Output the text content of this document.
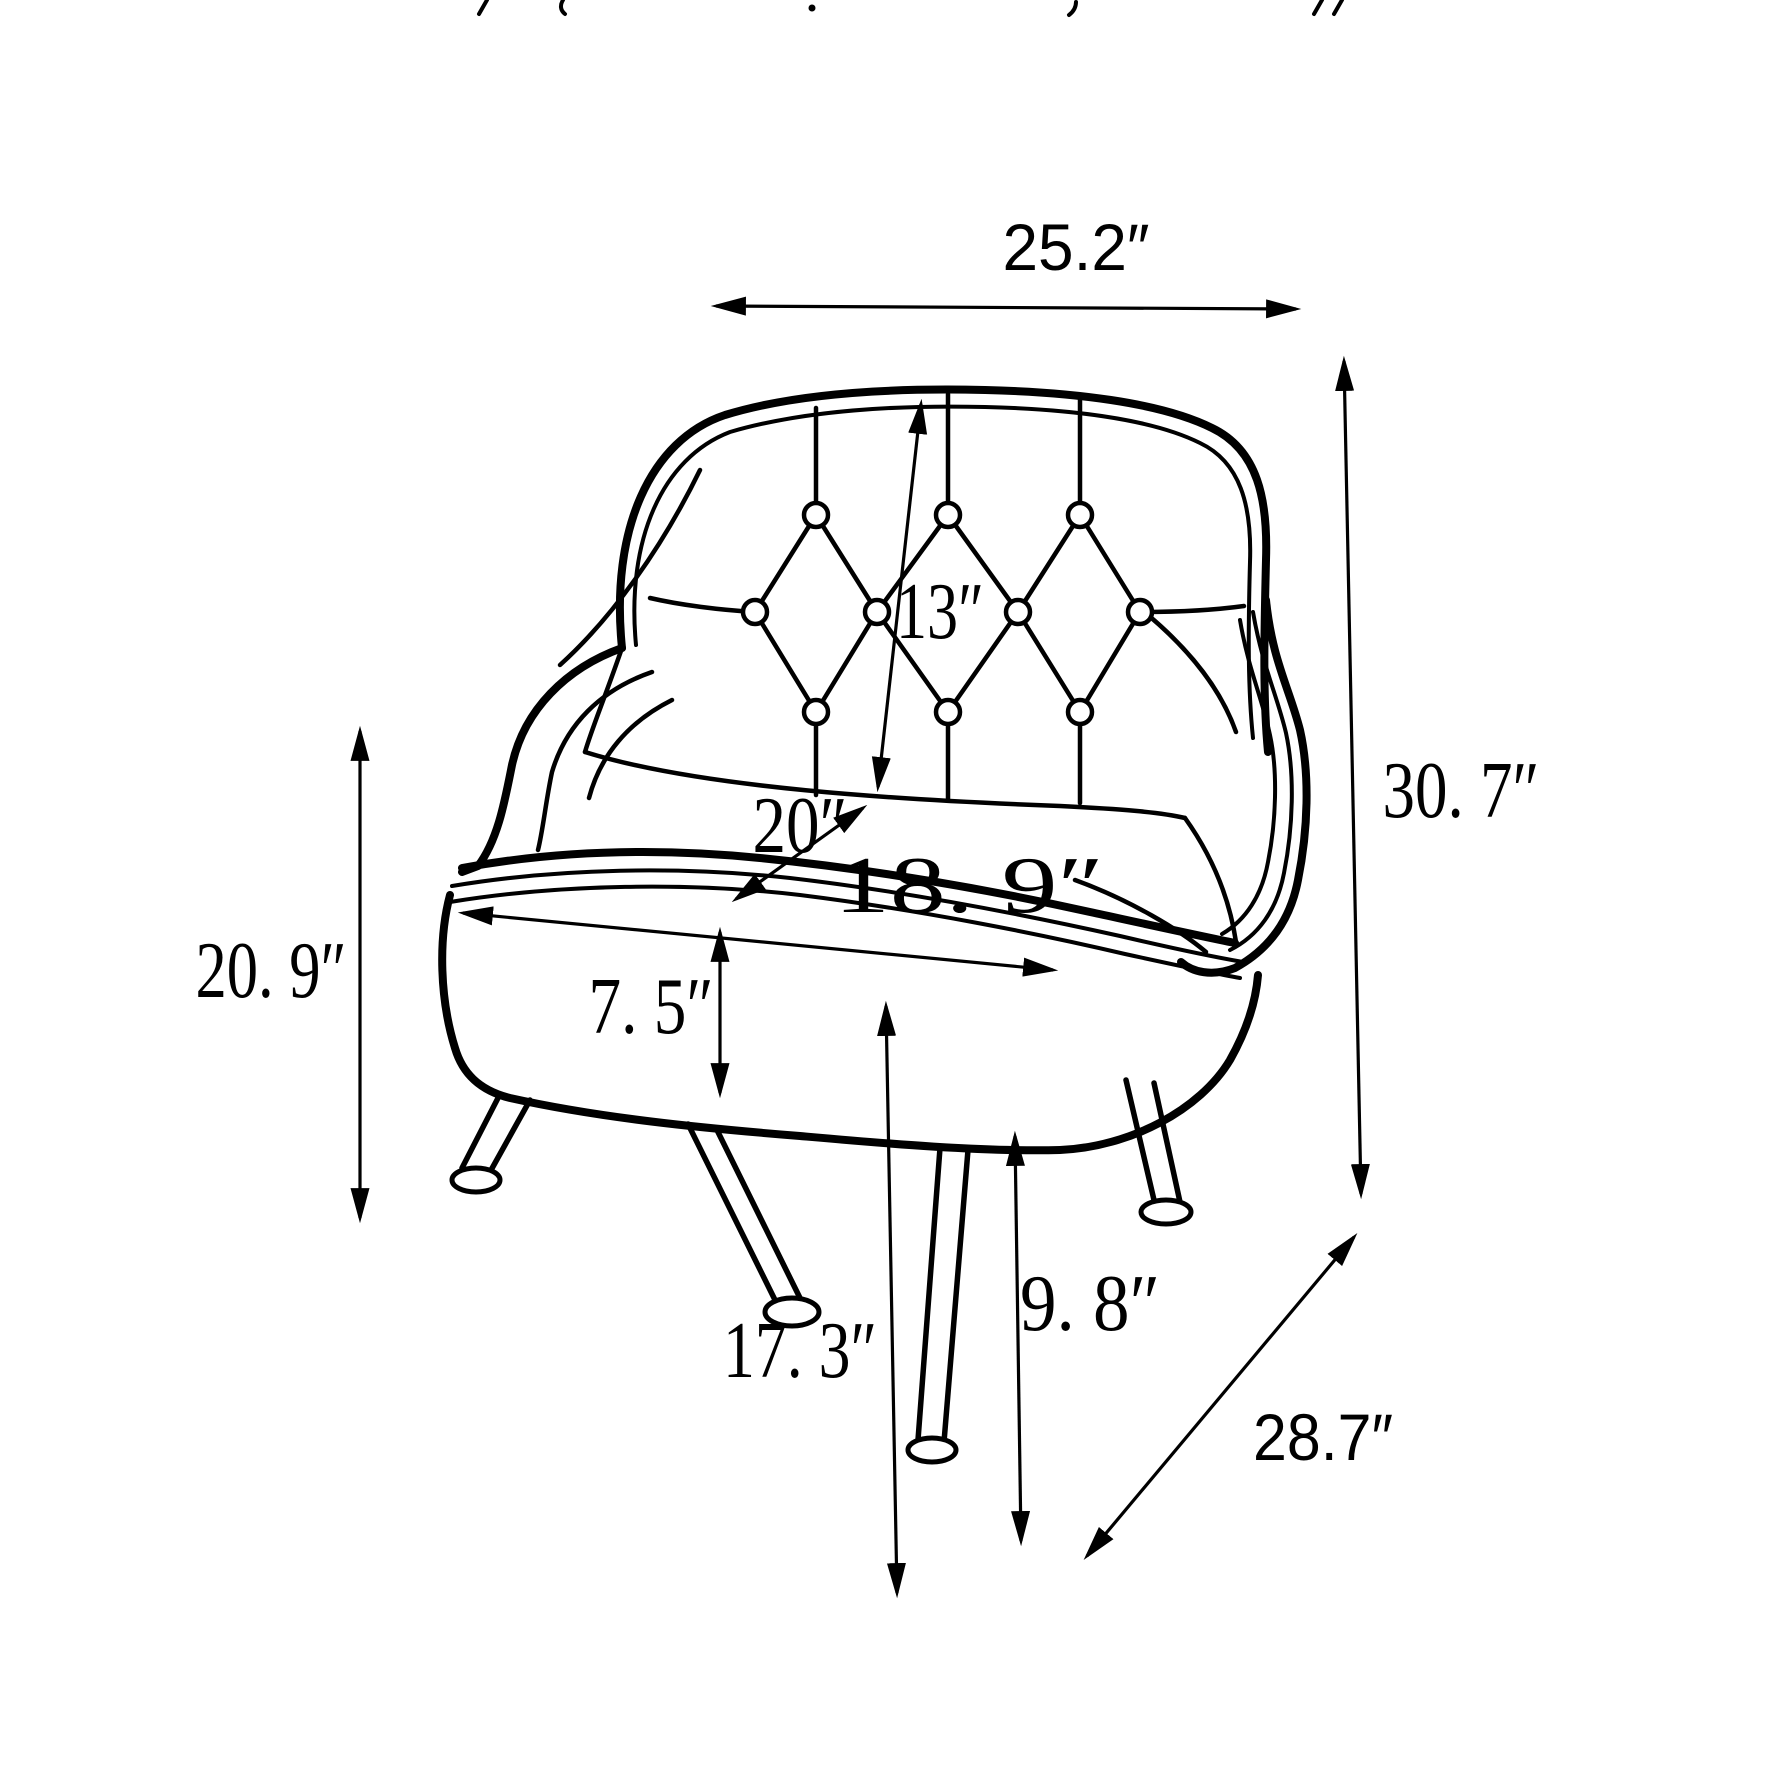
25.2″
30. 7″
13″
20″
18. 9″
7. 5″
20. 9″
17. 3″
9. 8″
28.7″
